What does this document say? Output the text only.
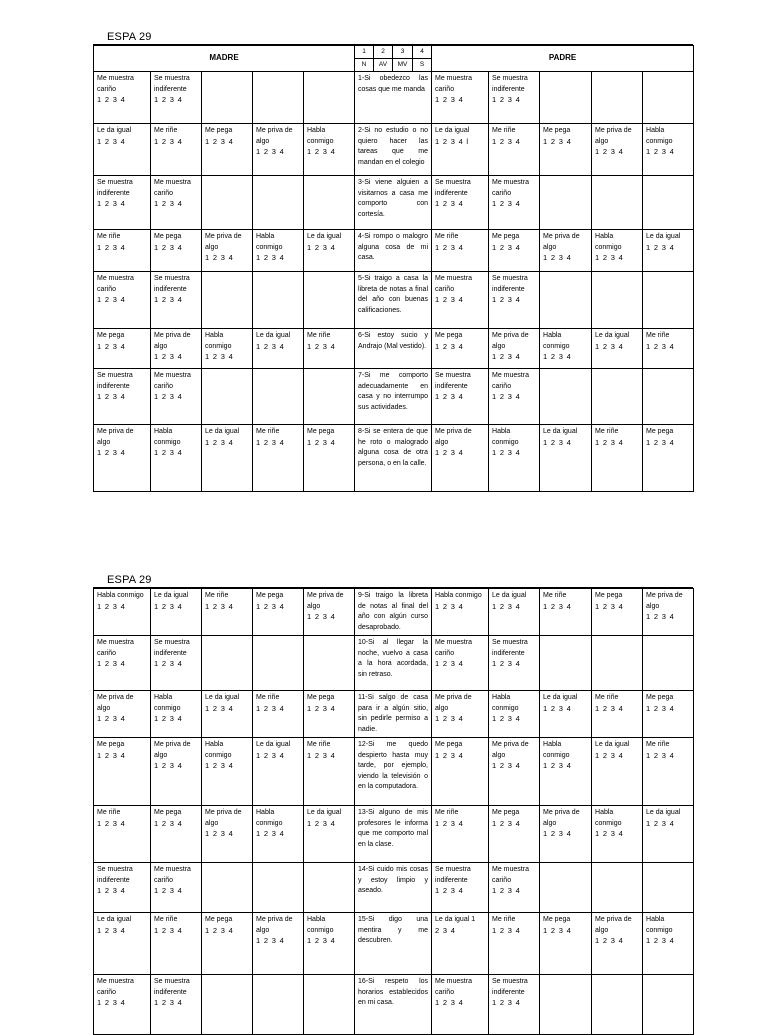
ESPA 29
MADRE					1	2	3	4	PADRE				
					N	AV	MV	S					

Me muestra cariño
1 2 3 4	Se muestra indiferente
1 2 3 4				1-Si obedezco las cosas que me manda				Me muestra cariño
1 2 3 4	Se muestra indiferente
1 2 3 4			

Le da igual
1 2 3 4	Me riñe
1 2 3 4	Me pega
1 2 3 4	Me priva de algo
1 2 3 4	Habla conmigo
1 2 3 4	2-Si no estudio o no quiero hacer las tareas que me mandan en el colegio				Le da igual
1 2 3 4 l	Me riñe
1 2 3 4	Me pega
1 2 3 4	Me priva de algo
1 2 3 4	Habla conmigo
1 2 3 4

Se muestra indiferente
1 2 3 4	Me muestra cariño
1 2 3 4				3-Si viene alguien a visitarnos a casa me comporto con cortesía.				Se muestra indiferente
1 2 3 4	Me muestra cariño
1 2 3 4			

Me riñe
1 2 3 4	Me pega
1 2 3 4	Me priva de algo
1 2 3 4	Habla conmigo
1 2 3 4	Le da igual
1 2 3 4	4-Si rompo o malogro alguna cosa de mi casa.				Me riñe
1 2 3 4	Me pega
1 2 3 4	Me priva de algo
1 2 3 4	Habla conmigo
1 2 3 4	Le da igual
1 2 3 4

Me muestra cariño
1 2 3 4	Se muestra indiferente
1 2 3 4				5-Si traigo a casa la libreta de notas a final del año con buenas calificaciones.				Me muestra cariño
1 2 3 4	Se muestra indiferente
1 2 3 4			

Me pega
1 2 3 4	Me priva de algo
1 2 3 4	Habla conmigo
1 2 3 4	Le da igual
1 2 3 4	Me riñe
1 2 3 4	6-Si estoy sucio y Andrajo (Mal vestido).				Me pega
1 2 3 4	Me priva de algo
1 2 3 4	Habla conmigo
1 2 3 4	Le da igual
1 2 3 4	Me riñe
1 2 3 4

Se muestra indiferente
1 2 3 4	Me muestra cariño
1 2 3 4				7-Si me comporto adecuadamente en casa y no interrumpo sus actividades.				Se muestra indiferente
1 2 3 4	Me muestra cariño
1 2 3 4			

Me priva de algo
1 2 3 4	Habla conmigo
1 2 3 4	Le da igual
1 2 3 4	Me riñe
1 2 3 4	Me pega
1 2 3 4	8-Si se entera de que he roto o malogrado alguna cosa de otra persona, o en la calle.				Me priva de algo
1 2 3 4	Habla conmigo
1 2 3 4	Le da igual
1 2 3 4	Me riñe
1 2 3 4	Me pega
1 2 3 4
ESPA 29
Habla conmigo
1 2 3 4	Le da igual
1 2 3 4	Me riñe
1 2 3 4	Me pega
1 2 3 4	Me priva de algo
1 2 3 4	9-Si traigo la libreta de notas al final del año con algún curso desaprobado.	Habla conmigo
1 2 3 4	Le da igual
1 2 3 4	Me riñe
1 2 3 4	Me pega
1 2 3 4	Me priva de algo
1 2 3 4

Me muestra cariño
1 2 3 4	Se muestra indiferente
1 2 3 4				10-Si al llegar la noche, vuelvo a casa a la hora acordada, sin retraso.	Me muestra cariño
1 2 3 4	Se muestra indiferente
1 2 3 4			

Me priva de algo
1 2 3 4	Habla conmigo
1 2 3 4	Le da igual
1 2 3 4	Me riñe
1 2 3 4	Me pega
1 2 3 4	11-Si salgo de casa para ir a algún sitio, sin pedirle permiso a nadie.	Me priva de algo
1 2 3 4	Habla conmigo
1 2 3 4	Le da igual
1 2 3 4	Me riñe
1 2 3 4	Me pega
1 2 3 4

Me pega
1 2 3 4	Me priva de algo
1 2 3 4	Habla conmigo
1 2 3 4	Le da igual
1 2 3 4	Me riñe
1 2 3 4	12-Si me quedo despierto hasta muy tarde, por ejemplo, viendo la televisión o en la computadora.	Me pega
1 2 3 4	Me priva de algo
1 2 3 4	Habla conmigo
1 2 3 4	Le da igual
1 2 3 4	Me riñe
1 2 3 4

Me riñe
1 2 3 4	Me pega
1 2 3 4	Me priva de algo
1 2 3 4	Habla conmigo
1 2 3 4	Le da igual
1 2 3 4	13-Si alguno de mis profesores le informa que me comporto mal en la clase.	Me riñe
1 2 3 4	Me pega
1 2 3 4	Me priva de algo
1 2 3 4	Habla conmigo
1 2 3 4	Le da igual
1 2 3 4

Se muestra indiferente
1 2 3 4	Me muestra cariño
1 2 3 4				14-Si cuido mis cosas y estoy limpio y aseado.	Se muestra indiferente
1 2 3 4	Me muestra cariño
1 2 3 4			

Le da igual
1 2 3 4	Me riñe
1 2 3 4	Me pega
1 2 3 4	Me priva de algo
1 2 3 4	Habla conmigo
1 2 3 4	15-Si digo una mentira y me descubren.	Le da igual 1
2 3 4	Me riñe
1 2 3 4	Me pega
1 2 3 4	Me priva de algo
1 2 3 4	Habla conmigo
1 2 3 4

Me muestra cariño
1 2 3 4	Se muestra indiferente
1 2 3 4				16-Si respeto los horarios establecidos en mi casa.	Me muestra cariño
1 2 3 4	Se muestra indiferente
1 2 3 4			
